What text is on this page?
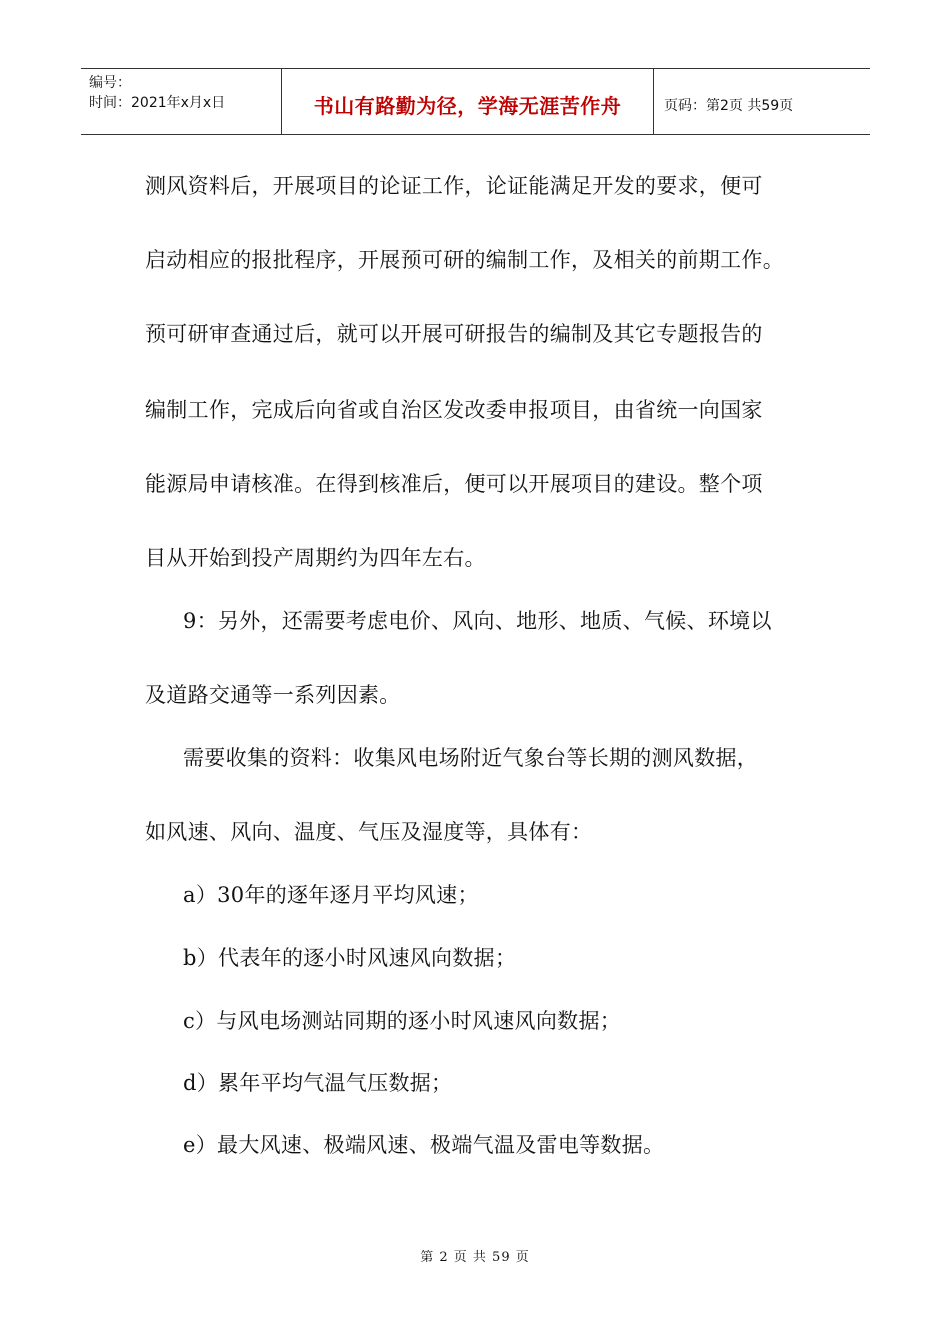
编号：
时间：2021年x月x日	书山有路勤为径，学海无涯苦作舟	页码：第2页 共59页
测风资料后，开展项目的论证工作，论证能满足开发的要求，便可
启动相应的报批程序，开展预可研的编制工作，及相关的前期工作。
预可研审查通过后，就可以开展可研报告的编制及其它专题报告的
编制工作，完成后向省或自治区发改委申报项目，由省统一向国家
能源局申请核准。在得到核准后，便可以开展项目的建设。整个项
目从开始到投产周期约为四年左右。
9：另外，还需要考虑电价、风向、地形、地质、气候、环境以
及道路交通等一系列因素。
需要收集的资料：收集风电场附近气象台等长期的测风数据，
如风速、风向、温度、气压及湿度等，具体有：
a）30年的逐年逐月平均风速；
b）代表年的逐小时风速风向数据；
c）与风电场测站同期的逐小时风速风向数据；
d）累年平均气温气压数据；
e）最大风速、极端风速、极端气温及雷电等数据。
第 2 页 共 59 页
